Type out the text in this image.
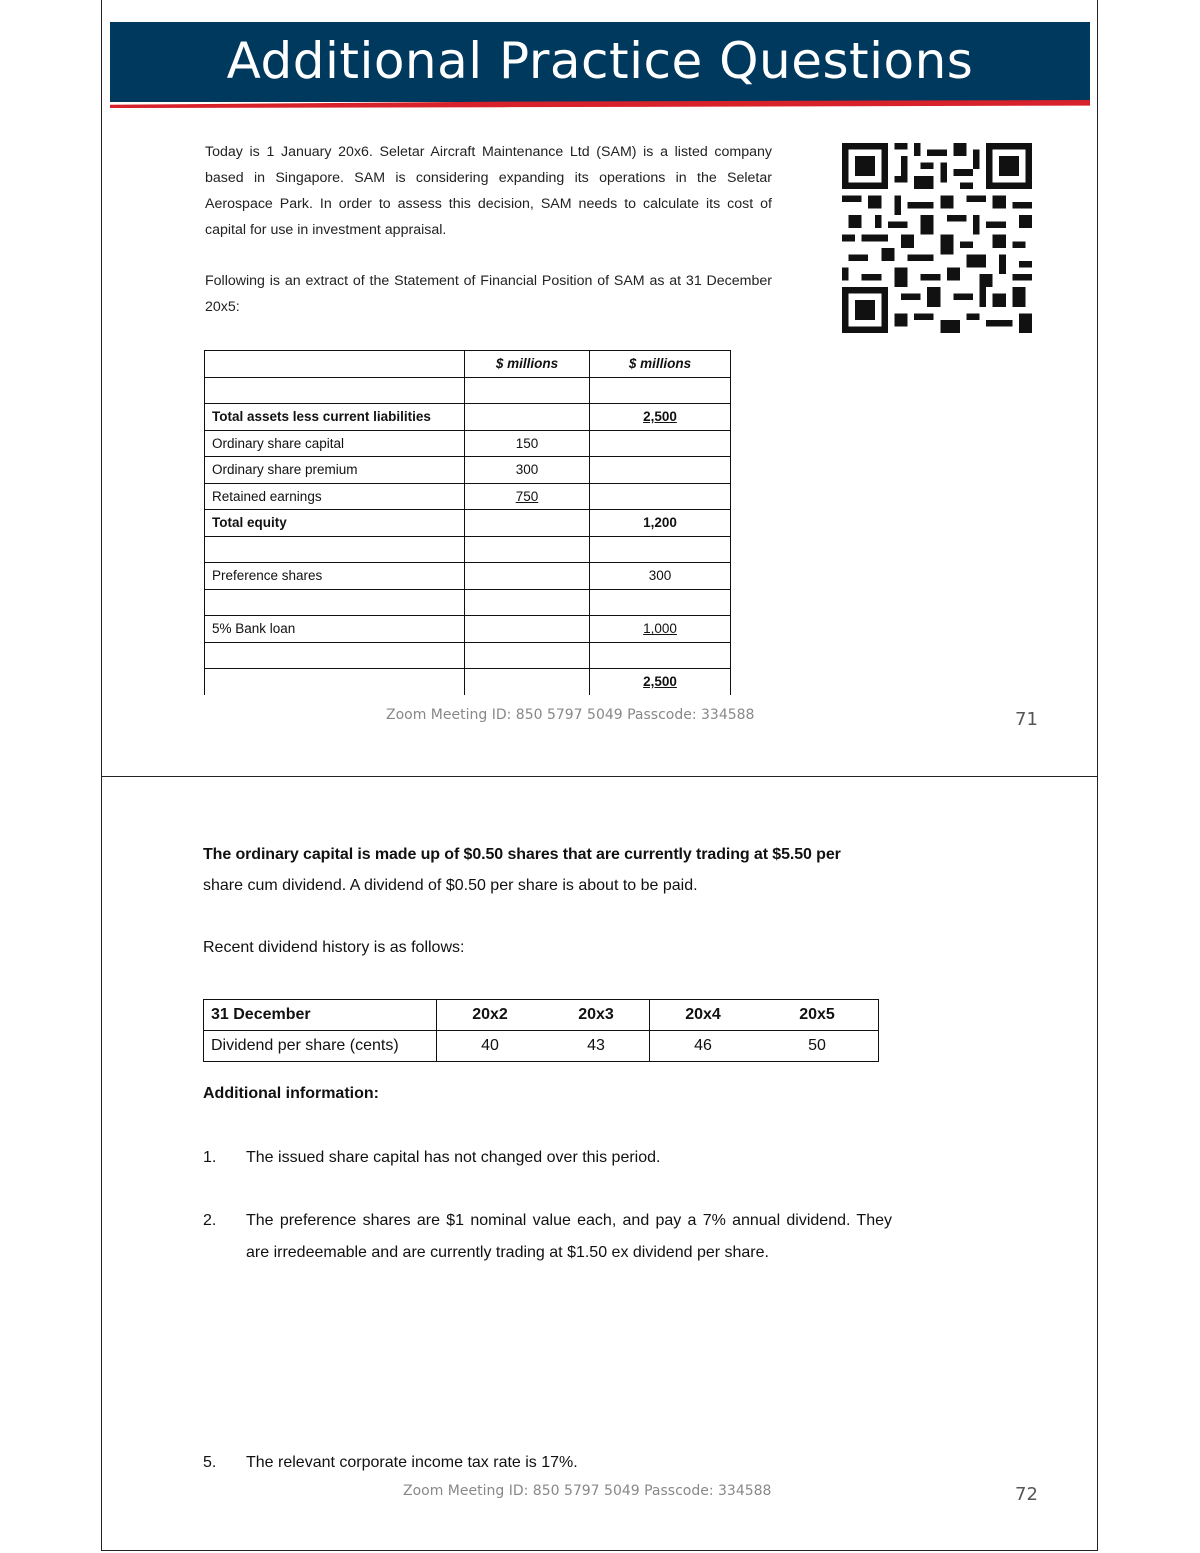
Additional Practice Questions

Today is 1 January 20x6. Seletar Aircraft Maintenance Ltd (SAM) is a listed company based in Singapore. SAM is considering expanding its operations in the Seletar Aerospace Park. In order to assess this decision, SAM needs to calculate its cost of capital for use in investment appraisal.

Following is an extract of the Statement of Financial Position of SAM as at 31 December 20x5:

	$ millions	$ millions

Total assets less current liabilities		2,500
Ordinary share capital	150	
Ordinary share premium	300	
Retained earnings	750	
Total equity		1,200

Preference shares		300

5% Bank loan		1,000

		2,500
Zoom Meeting ID: 850 5797 5049 Passcode: 334588	71
The ordinary capital is made up of $0.50 shares that are currently trading at $5.50 per
share cum dividend. A dividend of $0.50 per share is about to be paid.
Recent dividend history is as follows:
31 December	20x2	20x3	20x4	20x5
Dividend per share (cents)	40	43	46	50
Additional information:
1. The issued share capital has not changed over this period.
2. The preference shares are $1 nominal value each, and pay a 7% annual dividend. They are irredeemable and are currently trading at $1.50 ex dividend per share.
5. The relevant corporate income tax rate is 17%.
Zoom Meeting ID: 850 5797 5049 Passcode: 334588	72
